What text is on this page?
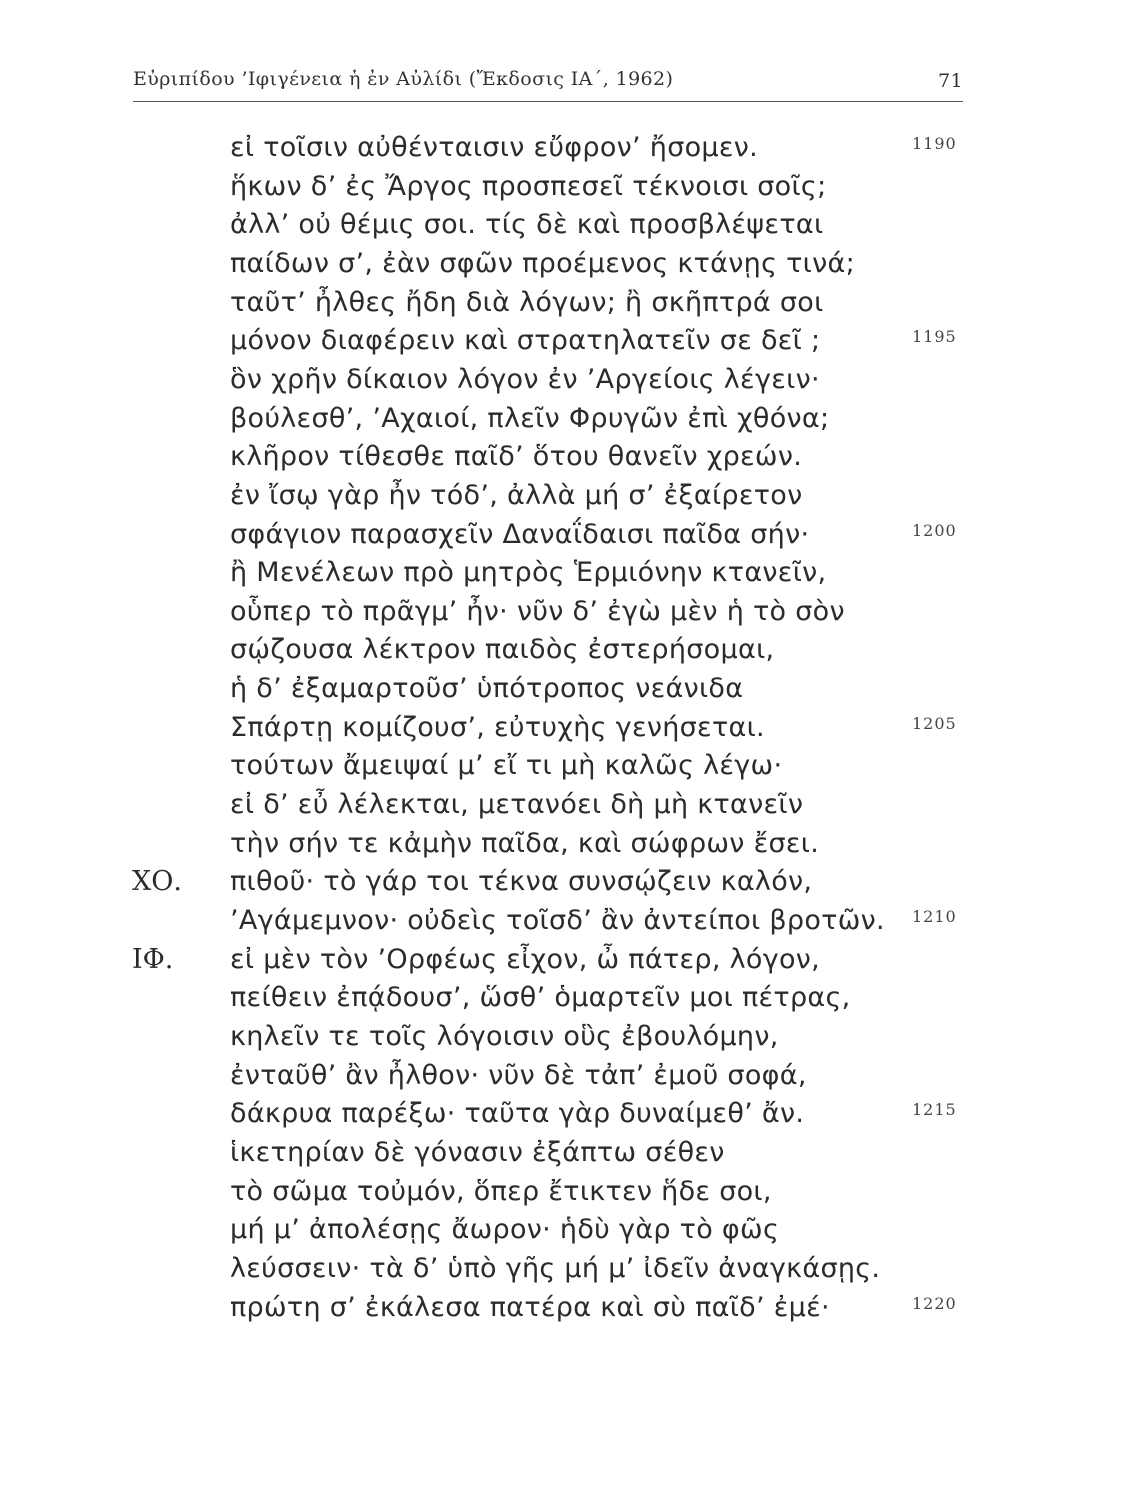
Εὐριπίδου ’Ιφιγένεια ἡ ἐν Αὐλίδι (Ἔκδοσις ΙΑ΄, 1962)	71
εἰ τοῖσιν αὐθένταισιν εὔφρον’ ἤσομεν.	1190
ἥκων δ’ ἐς Ἄργος προσπεσεῖ τέκνοισι σοῖς;
ἀλλ’ οὐ θέμις σοι. τίς δὲ καὶ προσβλέψεται
παίδων σ’, ἐὰν σφῶν προέμενος κτάνῃς τινά;
ταῦτ’ ἦλθες ἤδη διὰ λόγων; ἢ σκῆπτρά σοι
μόνον διαφέρειν καὶ στρατηλατεῖν σε δεῖ ;	1195
ὃν χρῆν δίκαιον λόγον ἐν ’Αργείοις λέγειν·
βούλεσθ’, ’Αχαιοί, πλεῖν Φρυγῶν ἐπὶ χθόνα;
κλῆρον τίθεσθε παῖδ’ ὅτου θανεῖν χρεών.
ἐν ἴσῳ γὰρ ἦν τόδ’, ἀλλὰ μή σ’ ἐξαίρετον
σφάγιον παρασχεῖν Δαναΐδαισι παῖδα σήν·	1200
ἢ Μενέλεων πρὸ μητρὸς Ἑρμιόνην κτανεῖν,
οὗπερ τὸ πρᾶγμ’ ἦν· νῦν δ’ ἐγὼ μὲν ἡ τὸ σὸν
σῴζουσα λέκτρον παιδὸς ἐστερήσομαι,
ἡ δ’ ἐξαμαρτοῦσ’ ὑπότροπος νεάνιδα
Σπάρτῃ κομίζουσ’, εὐτυχὴς γενήσεται.	1205
τούτων ἄμειψαί μ’ εἴ τι μὴ καλῶς λέγω·
εἰ δ’ εὖ λέλεκται, μετανόει δὴ μὴ κτανεῖν
τὴν σήν τε κἀμὴν παῖδα, καὶ σώφρων ἔσει.
πιθοῦ· τὸ γάρ τοι τέκνα συνσῴζειν καλόν,
ΧΟ.
’Αγάμεμνον· οὐδεὶς τοῖσδ’ ἂν ἀντείποι βροτῶν. 1210
εἰ μὲν τὸν ’Ορφέως εἶχον, ὦ πάτερ, λόγον,
ΙΦ.
πείθειν ἐπᾴδουσ’, ὥσθ’ ὁμαρτεῖν μοι πέτρας,
κηλεῖν τε τοῖς λόγοισιν οὓς ἐβουλόμην,
ἐνταῦθ’ ἂν ἦλθον· νῦν δὲ τἀπ’ ἐμοῦ σοφά,
δάκρυα παρέξω· ταῦτα γὰρ δυναίμεθ’ ἄν.	1215
ἱκετηρίαν δὲ γόνασιν ἐξάπτω σέθεν
τὸ σῶμα τοὐμόν, ὅπερ ἔτικτεν ἥδε σοι,
μή μ’ ἀπολέσῃς ἄωρον· ἡδὺ γὰρ τὸ φῶς
λεύσσειν· τὰ δ’ ὑπὸ γῆς μή μ’ ἰδεῖν ἀναγκάσῃς.
πρώτη σ’ ἐκάλεσα πατέρα καὶ σὺ παῖδ’ ἐμέ·	1220
